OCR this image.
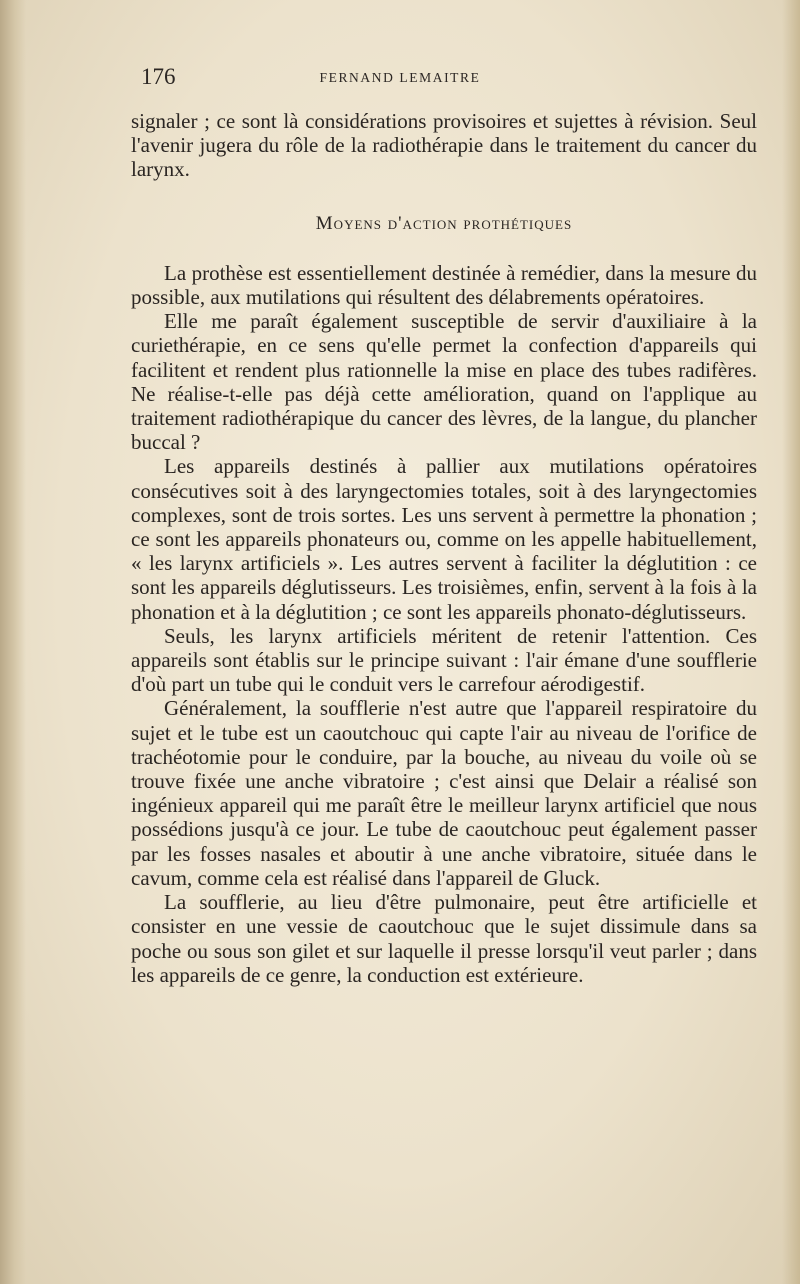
176	FERNAND LEMAITRE

signaler ; ce sont là considérations provisoires et sujettes à révision. Seul l'avenir jugera du rôle de la radiothérapie dans le traitement du cancer du larynx.

Moyens d'action prothétiques

La prothèse est essentiellement destinée à remédier, dans la mesure du possible, aux mutilations qui résultent des délabrements opératoires.

Elle me paraît également susceptible de servir d'auxiliaire à la curiethérapie, en ce sens qu'elle permet la confection d'appareils qui facilitent et rendent plus rationnelle la mise en place des tubes radifères. Ne réalise-t-elle pas déjà cette amélioration, quand on l'applique au traitement radiothérapique du cancer des lèvres, de la langue, du plancher buccal ?

Les appareils destinés à pallier aux mutilations opératoires consécutives soit à des laryngectomies totales, soit à des laryngectomies complexes, sont de trois sortes. Les uns servent à permettre la phonation ; ce sont les appareils phonateurs ou, comme on les appelle habituellement, « les larynx artificiels ». Les autres servent à faciliter la déglutition : ce sont les appareils déglutisseurs. Les troisièmes, enfin, servent à la fois à la phonation et à la déglutition ; ce sont les appareils phonato-déglutisseurs.

Seuls, les larynx artificiels méritent de retenir l'attention. Ces appareils sont établis sur le principe suivant : l'air émane d'une soufflerie d'où part un tube qui le conduit vers le carrefour aérodigestif.

Généralement, la soufflerie n'est autre que l'appareil respiratoire du sujet et le tube est un caoutchouc qui capte l'air au niveau de l'orifice de trachéotomie pour le conduire, par la bouche, au niveau du voile où se trouve fixée une anche vibratoire ; c'est ainsi que Delair a réalisé son ingénieux appareil qui me paraît être le meilleur larynx artificiel que nous possédions jusqu'à ce jour. Le tube de caoutchouc peut également passer par les fosses nasales et aboutir à une anche vibratoire, située dans le cavum, comme cela est réalisé dans l'appareil de Gluck.

La soufflerie, au lieu d'être pulmonaire, peut être artificielle et consister en une vessie de caoutchouc que le sujet dissimule dans sa poche ou sous son gilet et sur laquelle il presse lorsqu'il veut parler ; dans les appareils de ce genre, la conduction est extérieure.
